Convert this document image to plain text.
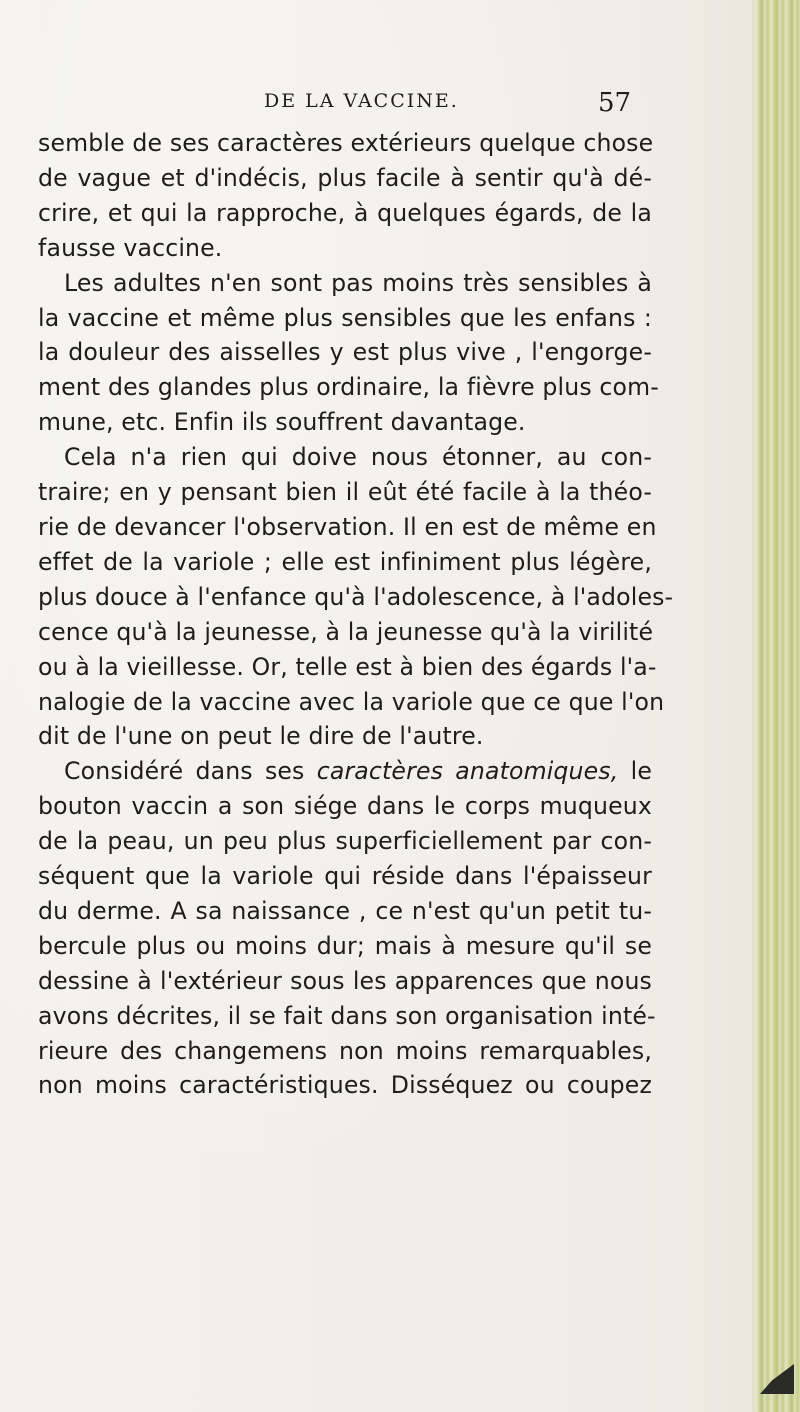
DE LA VACCINE.	57
semble de ses caractères extérieurs quelque chose
de vague et d'indécis, plus facile à sentir qu'à dé-
crire, et qui la rapproche, à quelques égards, de la
fausse vaccine.
Les adultes n'en sont pas moins très sensibles à
la vaccine et même plus sensibles que les enfans :
la douleur des aisselles y est plus vive , l'engorge-
ment des glandes plus ordinaire, la fièvre plus com-
mune, etc. Enfin ils souffrent davantage.
Cela n'a rien qui doive nous étonner, au con-
traire; en y pensant bien il eût été facile à la théo-
rie de devancer l'observation. Il en est de même en
effet de la variole ; elle est infiniment plus légère,
plus douce à l'enfance qu'à l'adolescence, à l'adoles-
cence qu'à la jeunesse, à la jeunesse qu'à la virilité
ou à la vieillesse. Or, telle est à bien des égards l'a-
nalogie de la vaccine avec la variole que ce que l'on
dit de l'une on peut le dire de l'autre.
Considéré dans ses caractères anatomiques, le
bouton vaccin a son siége dans le corps muqueux
de la peau, un peu plus superficiellement par con-
séquent que la variole qui réside dans l'épaisseur
du derme. A sa naissance , ce n'est qu'un petit tu-
bercule plus ou moins dur; mais à mesure qu'il se
dessine à l'extérieur sous les apparences que nous
avons décrites, il se fait dans son organisation inté-
rieure des changemens non moins remarquables,
non moins caractéristiques. Disséquez ou coupez
